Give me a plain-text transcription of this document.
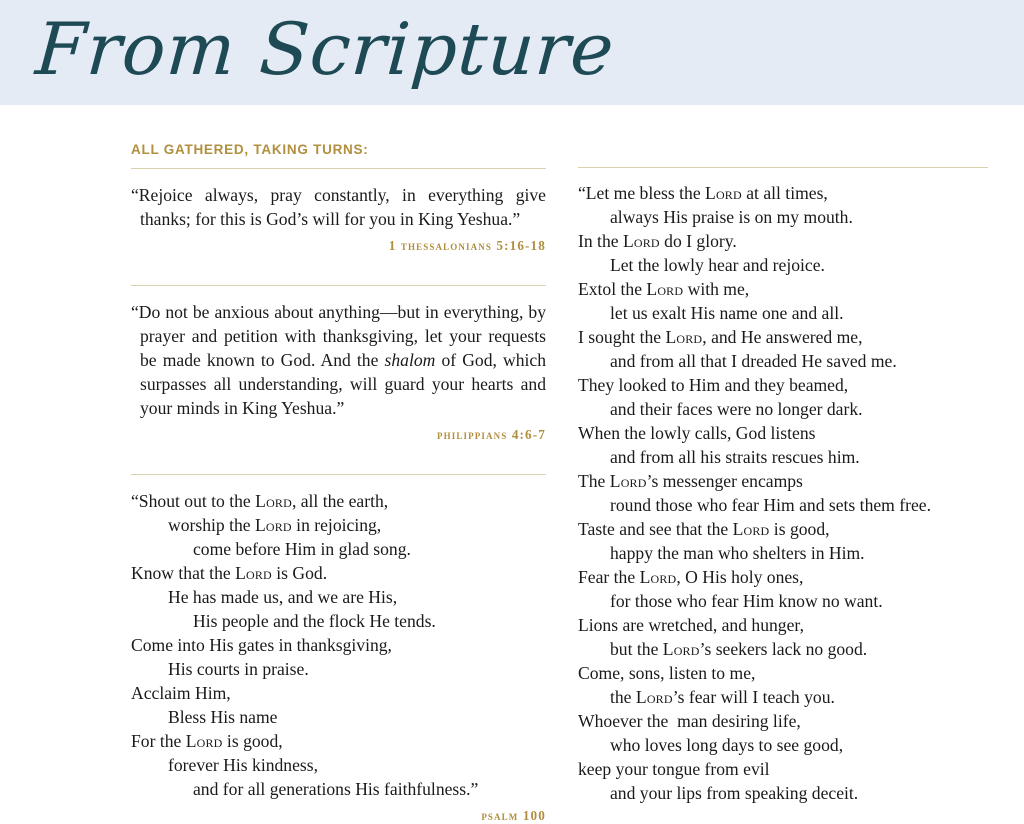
From Scripture
ALL GATHERED, TAKING TURNS:

“Rejoice always, pray constantly, in everything give thanks; for this is God’s will for you in King Yeshua.”

1 thessalonians 5:16-18

“Do not be anxious about anything—but in everything, by prayer and petition with thanksgiving, let your requests be made known to God. And the shalom of God, which surpasses all understanding, will guard your hearts and your minds in King Yeshua.”

philippians 4:6-7

“Shout out to the Lord, all the earth,
worship the Lord in rejoicing,
come before Him in glad song.
Know that the Lord is God.
He has made us, and we are His,
His people and the flock He tends.
Come into His gates in thanksgiving,
His courts in praise.
Acclaim Him,
Bless His name
For the Lord is good,
forever His kindness,
and for all generations His faithfulness.”

psalm 100

“Let me bless the Lord at all times,
always His praise is on my mouth.
In the Lord do I glory.
Let the lowly hear and rejoice.
Extol the Lord with me,
let us exalt His name one and all.
I sought the Lord, and He answered me,
and from all that I dreaded He saved me.
They looked to Him and they beamed,
and their faces were no longer dark.
When the lowly calls, God listens
and from all his straits rescues him.
The Lord’s messenger encamps
round those who fear Him and sets them free.
Taste and see that the Lord is good,
happy the man who shelters in Him.
Fear the Lord, O His holy ones,
for those who fear Him know no want.
Lions are wretched, and hunger,
but the Lord’s seekers lack no good.
Come, sons, listen to me,
the Lord’s fear will I teach you.
Whoever the  man desiring life,
who loves long days to see good,
keep your tongue from evil
and your lips from speaking deceit.
